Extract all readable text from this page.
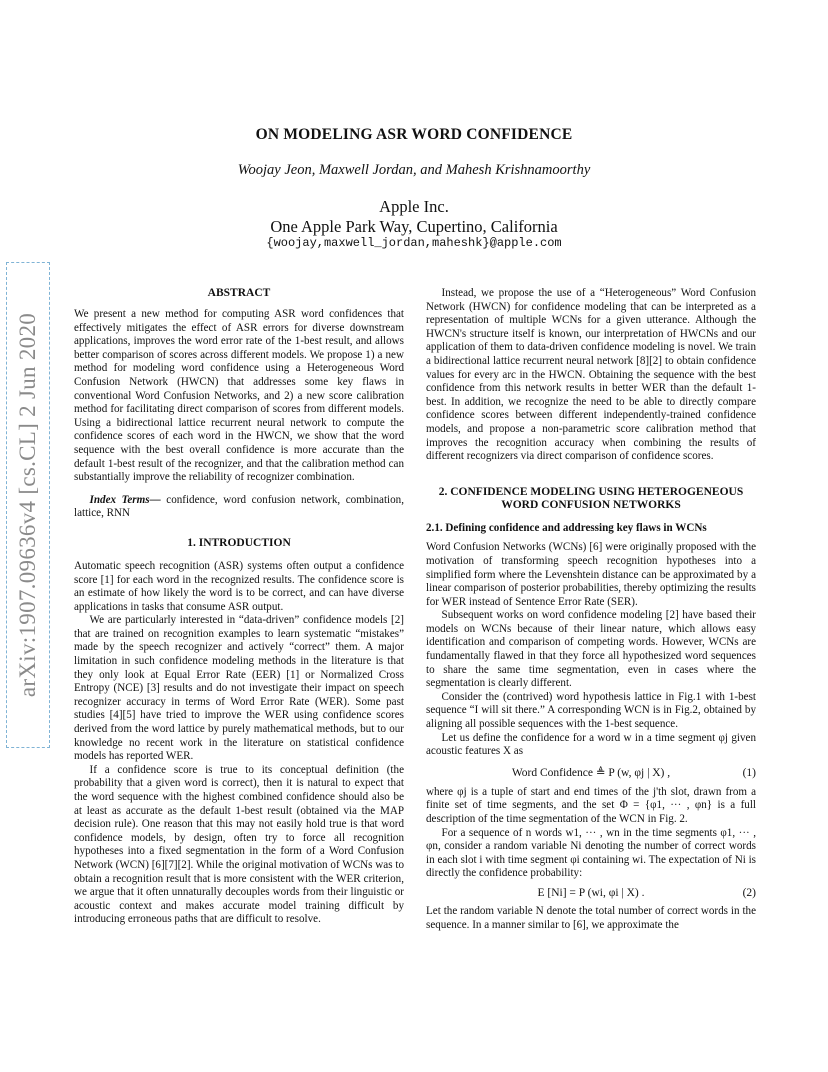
arXiv:1907.09636v4 [cs.CL] 2 Jun 2020
ON MODELING ASR WORD CONFIDENCE
Woojay Jeon, Maxwell Jordan, and Mahesh Krishnamoorthy
Apple Inc.
One Apple Park Way, Cupertino, California
{woojay,maxwell_jordan,maheshk}@apple.com
ABSTRACT

We present a new method for computing ASR word confidences that effectively mitigates the effect of ASR errors for diverse downstream applications, improves the word error rate of the 1-best result, and allows better comparison of scores across different models. We propose 1) a new method for modeling word confidence using a Heterogeneous Word Confusion Network (HWCN) that addresses some key flaws in conventional Word Confusion Networks, and 2) a new score calibration method for facilitating direct comparison of scores from different models. Using a bidirectional lattice recurrent neural network to compute the confidence scores of each word in the HWCN, we show that the word sequence with the best overall confidence is more accurate than the default 1-best result of the recognizer, and that the calibration method can substantially improve the reliability of recognizer combination.

Index Terms— confidence, word confusion network, combination, lattice, RNN

1. INTRODUCTION

Automatic speech recognition (ASR) systems often output a confidence score [1] for each word in the recognized results. The confidence score is an estimate of how likely the word is to be correct, and can have diverse applications in tasks that consume ASR output.

We are particularly interested in “data-driven” confidence models [2] that are trained on recognition examples to learn systematic “mistakes” made by the speech recognizer and actively “correct” them. A major limitation in such confidence modeling methods in the literature is that they only look at Equal Error Rate (EER) [1] or Normalized Cross Entropy (NCE) [3] results and do not investigate their impact on speech recognizer accuracy in terms of Word Error Rate (WER). Some past studies [4][5] have tried to improve the WER using confidence scores derived from the word lattice by purely mathematical methods, but to our knowledge no recent work in the literature on statistical confidence models has reported WER.

If a confidence score is true to its conceptual definition (the probability that a given word is correct), then it is natural to expect that the word sequence with the highest combined confidence should also be at least as accurate as the default 1-best result (obtained via the MAP decision rule). One reason that this may not easily hold true is that word confidence models, by design, often try to force all recognition hypotheses into a fixed segmentation in the form of a Word Confusion Network (WCN) [6][7][2]. While the original motivation of WCNs was to obtain a recognition result that is more consistent with the WER criterion, we argue that it often unnaturally decouples words from their linguistic or acoustic context and makes accurate model training difficult by introducing erroneous paths that are difficult to resolve.

Instead, we propose the use of a “Heterogeneous” Word Confusion Network (HWCN) for confidence modeling that can be interpreted as a representation of multiple WCNs for a given utterance. Although the HWCN's structure itself is known, our interpretation of HWCNs and our application of them to data-driven confidence modeling is novel. We train a bidirectional lattice recurrent neural network [8][2] to obtain confidence values for every arc in the HWCN. Obtaining the sequence with the best confidence from this network results in better WER than the default 1-best. In addition, we recognize the need to be able to directly compare confidence scores between different independently-trained confidence models, and propose a non-parametric score calibration method that improves the recognition accuracy when combining the results of different recognizers via direct comparison of confidence scores.

2. CONFIDENCE MODELING USING HETEROGENEOUS
WORD CONFUSION NETWORKS
2.1. Defining confidence and addressing key flaws in WCNs

Word Confusion Networks (WCNs) [6] were originally proposed with the motivation of transforming speech recognition hypotheses into a simplified form where the Levenshtein distance can be approximated by a linear comparison of posterior probabilities, thereby optimizing the results for WER instead of Sentence Error Rate (SER).

Subsequent works on word confidence modeling [2] have based their models on WCNs because of their linear nature, which allows easy identification and comparison of competing words. However, WCNs are fundamentally flawed in that they force all hypothesized word sequences to share the same time segmentation, even in cases where the segmentation is clearly different.

Consider the (contrived) word hypothesis lattice in Fig.1 with 1-best sequence “I will sit there.” A corresponding WCN is in Fig.2, obtained by aligning all possible sequences with the 1-best sequence.

Let us define the confidence for a word w in a time segment φj given acoustic features X as

Word Confidence ≜ P (w, φj | X) ,	(1)

where φj is a tuple of start and end times of the j'th slot, drawn from a finite set of time segments, and the set Φ = {φ1, ··· , φn} is a full description of the time segmentation of the WCN in Fig. 2.

For a sequence of n words w1, ··· , wn in the time segments φ1, ··· , φn, consider a random variable Ni denoting the number of correct words in each slot i with time segment φi containing wi. The expectation of Ni is directly the confidence probability:

E [Ni] = P (wi, φi | X) .	(2)

Let the random variable N denote the total number of correct words in the sequence. In a manner similar to [6], we approximate the
